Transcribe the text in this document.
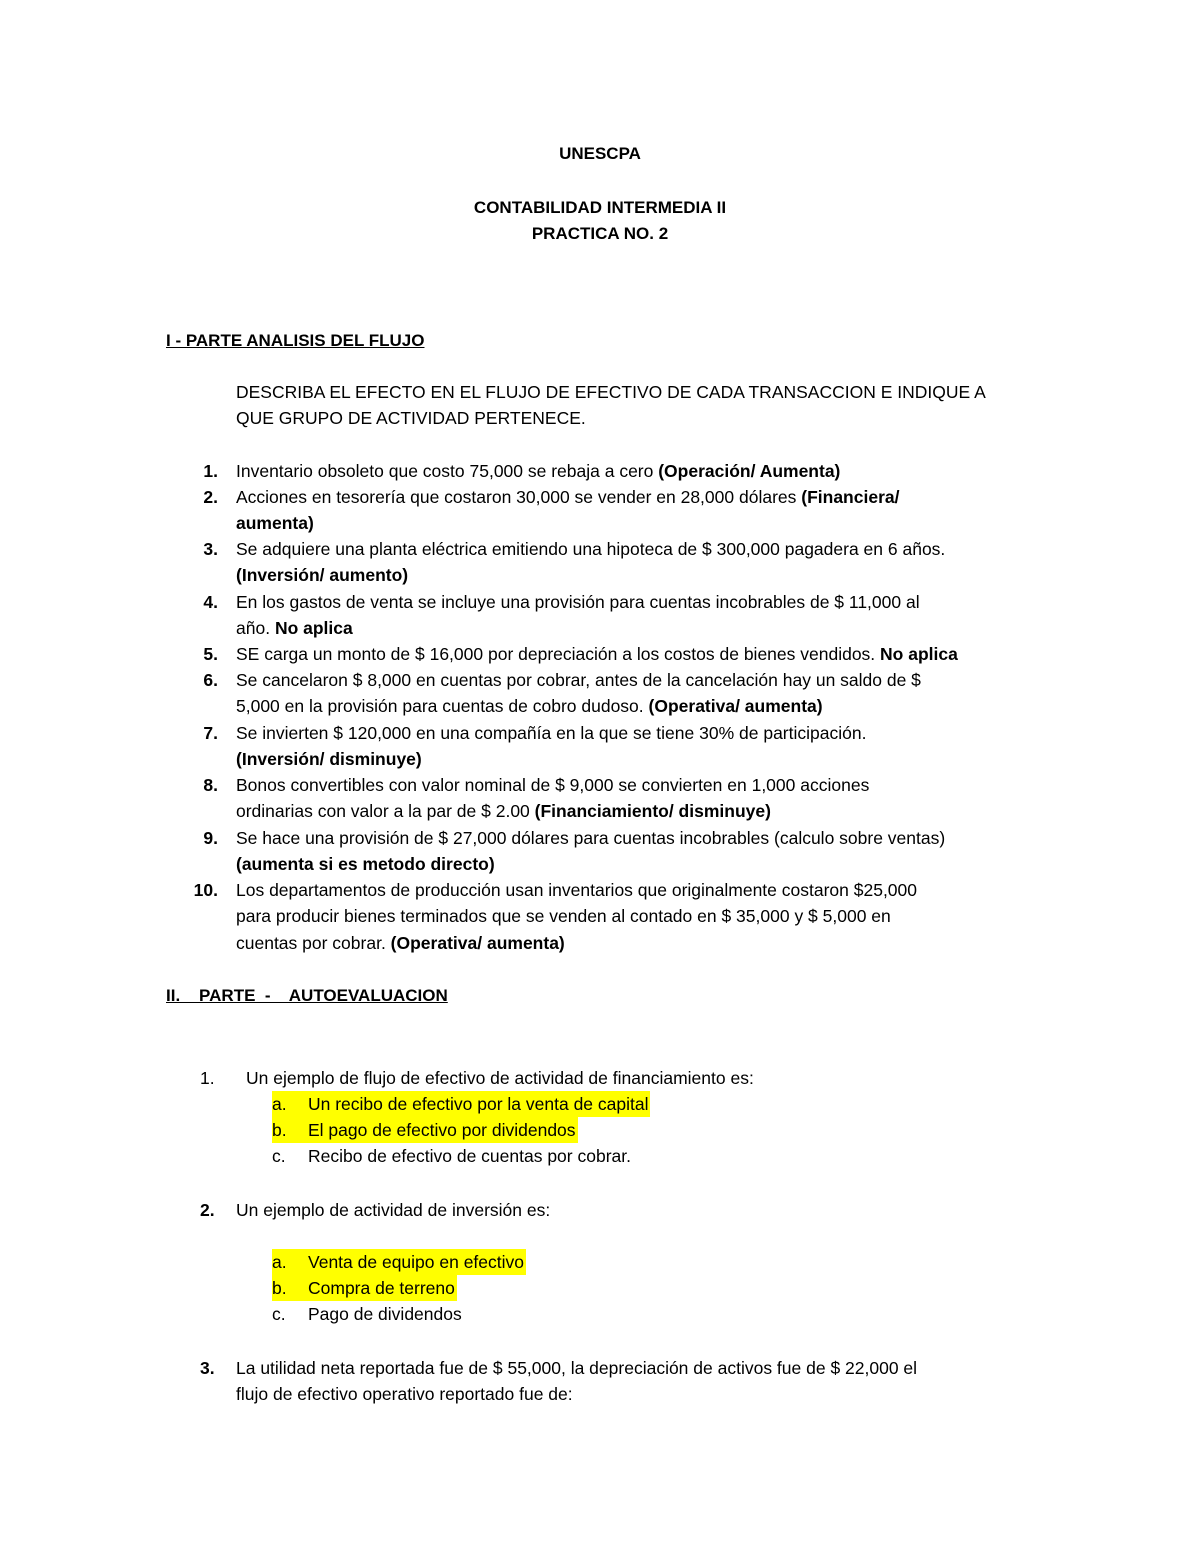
UNESCPA
CONTABILIDAD INTERMEDIA II
PRACTICA NO. 2
I - PARTE ANALISIS DEL FLUJO
DESCRIBA EL EFECTO EN EL FLUJO DE EFECTIVO DE CADA TRANSACCION E INDIQUE A
QUE GRUPO DE ACTIVIDAD PERTENECE.
1. Inventario obsoleto que costo 75,000 se rebaja a cero (Operación/ Aumenta)
2. Acciones en tesorería que costaron 30,000 se vender en 28,000 dólares (Financiera/
aumenta)
3. Se adquiere una planta eléctrica emitiendo una hipoteca de $ 300,000 pagadera en 6 años.
(Inversión/ aumento)
4. En los gastos de venta se incluye una provisión para cuentas incobrables de $ 11,000 al
año. No aplica
5. SE carga un monto de $ 16,000 por depreciación a los costos de bienes vendidos. No aplica
6. Se cancelaron $ 8,000 en cuentas por cobrar, antes de la cancelación hay un saldo de $
5,000 en la provisión para cuentas de cobro dudoso. (Operativa/ aumenta)
7. Se invierten $ 120,000 en una compañía en la que se tiene 30% de participación.
(Inversión/ disminuye)
8. Bonos convertibles con valor nominal de $ 9,000 se convierten en 1,000 acciones
ordinarias con valor a la par de $ 2.00 (Financiamiento/ disminuye)
9. Se hace una provisión de $ 27,000 dólares para cuentas incobrables (calculo sobre ventas)
(aumenta si es metodo directo)
10. Los departamentos de producción usan inventarios que originalmente costaron $25,000
para producir bienes terminados que se venden al contado en $ 35,000 y $ 5,000 en
cuentas por cobrar. (Operativa/ aumenta)
II.    PARTE  -    AUTOEVALUACION
1. Un ejemplo de flujo de efectivo de actividad de financiamiento es:
a. Un recibo de efectivo por la venta de capital
b. El pago de efectivo por dividendos
c. Recibo de efectivo de cuentas por cobrar.
2. Un ejemplo de actividad de inversión es:
a. Venta de equipo en efectivo
b. Compra de terreno
c. Pago de dividendos
3. La utilidad neta reportada fue de $ 55,000, la depreciación de activos fue de $ 22,000 el
flujo de efectivo operativo reportado fue de:
